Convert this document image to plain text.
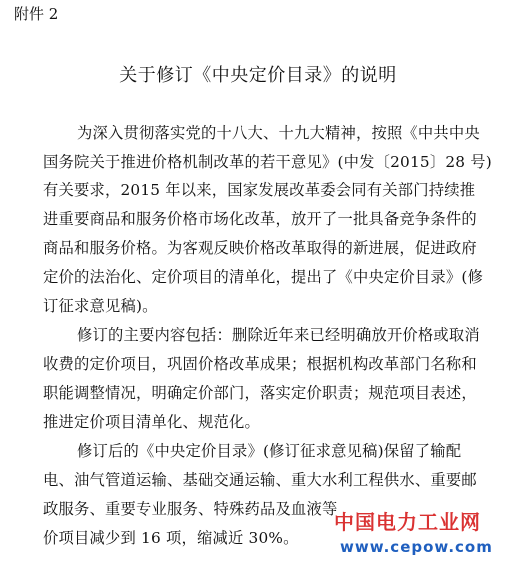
附件 2
关于修订《中央定价目录》的说明
为深入贯彻落实党的十八大、十九大精神，按照《中共中央
国务院关于推进价格机制改革的若干意见》(中发〔2015〕28 号)
有关要求，2015 年以来，国家发展改革委会同有关部门持续推
进重要商品和服务价格市场化改革，放开了一批具备竞争条件的
商品和服务价格。为客观反映价格改革取得的新进展，促进政府
定价的法治化、定价项目的清单化，提出了《中央定价目录》(修
订征求意见稿)。
修订的主要内容包括：删除近年来已经明确放开价格或取消
收费的定价项目，巩固价格改革成果；根据机构改革部门名称和
职能调整情况，明确定价部门，落实定价职责；规范项目表述，
推进定价项目清单化、规范化。
修订后的《中央定价目录》(修订征求意见稿)保留了输配
电、油气管道运输、基础交通运输、重大水利工程供水、重要邮
政服务、重要专业服务、特殊药品及血液等
价项目减少到 16 项，缩减近 30%。
中国电力工业网
www.cepow.com
